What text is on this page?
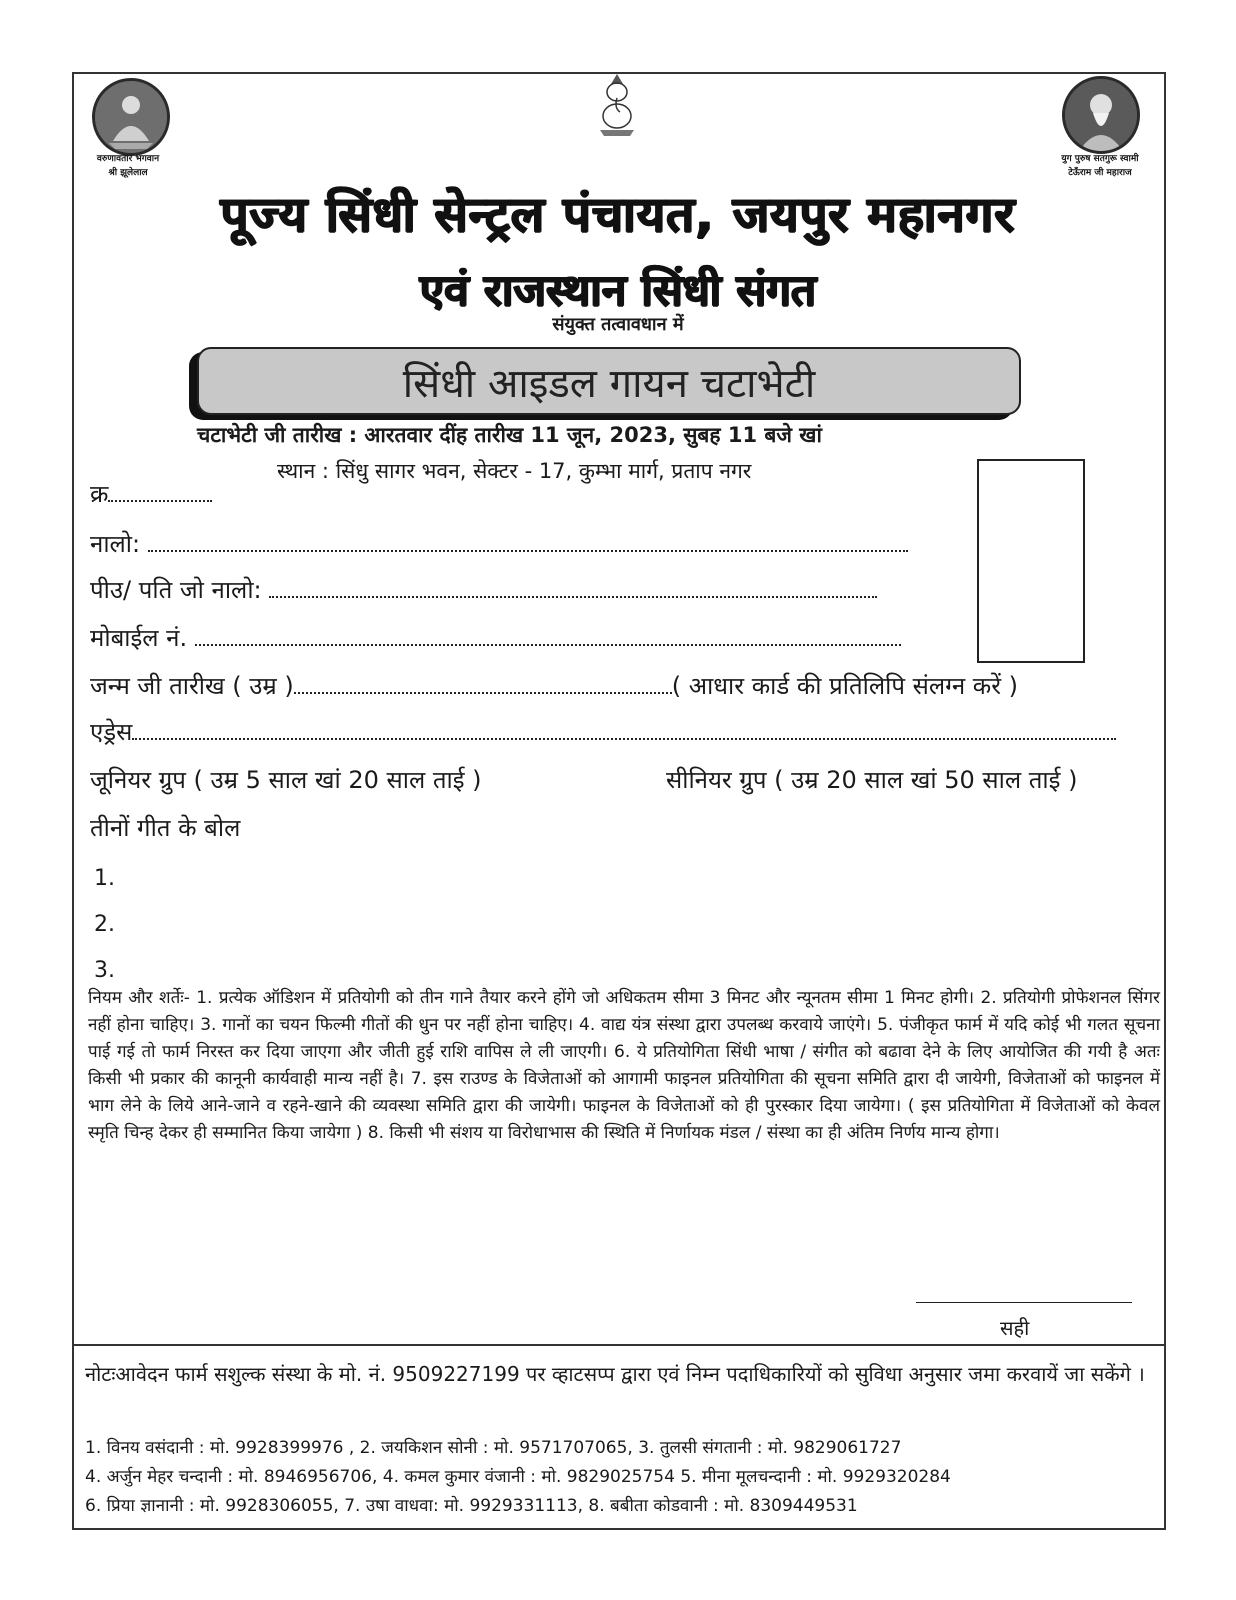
वरुणावतार भगवान
श्री झूलेलाल
युग पुरुष सतगुरू स्वामी
टेऊँराम जी महाराज
पूज्य सिंधी सेन्ट्रल पंचायत, जयपुर महानगर
एवं राजस्थान सिंधी संगत
संयुक्त तत्वावधान में
सिंधी आइडल गायन चटाभेटी
चटाभेटी जी तारीख : आरतवार दींह तारीख 11 जून, 2023, सुबह 11 बजे खां
स्थान : सिंधु सागर भवन, सेक्टर - 17, कुम्भा मार्ग, प्रताप नगर
क्र
नालो:
पीउ/ पति जो नालो:
मोबाईल नं.
जन्म जी तारीख ( उम्र )	( आधार कार्ड की प्रतिलिपि संलग्न करें )
एड्रेस
जूनियर ग्रुप ( उम्र 5 साल खां 20 साल ताई )	सीनियर ग्रुप ( उम्र 20 साल खां 50 साल ताई )
तीनों गीत के बोल
1.
2.
3.
नियम और शर्तेः- 1. प्रत्येक ऑडिशन में प्रतियोगी को तीन गाने तैयार करने होंगे जो अधिकतम सीमा 3 मिनट और न्यूनतम सीमा 1 मिनट होगी। 2. प्रतियोगी प्रोफेशनल सिंगर नहीं होना चाहिए। 3. गानों का चयन फिल्मी गीतों की धुन पर नहीं होना चाहिए। 4. वाद्य यंत्र संस्था द्वारा उपलब्ध करवाये जाएंगे। 5. पंजीकृत फार्म में यदि कोई भी गलत सूचना पाई गई तो फार्म निरस्त कर दिया जाएगा और जीती हुई राशि वापिस ले ली जाएगी। 6. ये प्रतियोगिता सिंधी भाषा / संगीत को बढावा देने के लिए आयोजित की गयी है अतः किसी भी प्रकार की कानूनी कार्यवाही मान्य नहीं है। 7. इस राउण्ड के विजेताओं को आगामी फाइनल प्रतियोगिता की सूचना समिति द्वारा दी जायेगी, विजेताओं को फाइनल में भाग लेने के लिये आने-जाने व रहने-खाने की व्यवस्था समिति द्वारा की जायेगी। फाइनल के विजेताओं को ही पुरस्कार दिया जायेगा। ( इस प्रतियोगिता में विजेताओं को केवल स्मृति चिन्ह देकर ही सम्मानित किया जायेगा ) 8. किसी भी संशय या विरोधाभास की स्थिति में निर्णायक मंडल / संस्था का ही अंतिम निर्णय मान्य होगा।
सही
नोटःआवेदन फार्म सशुल्क संस्था के मो. नं. 9509227199 पर व्हाटसप्प द्वारा एवं निम्न पदाधिकारियों को सुविधा अनुसार जमा करवायें जा सकेंगे ।
1. विनय वसंदानी : मो. 9928399976 , 2. जयकिशन सोनी : मो. 9571707065, 3. तुलसी संगतानी : मो. 9829061727
4. अर्जुन मेहर चन्दानी : मो. 8946956706, 4. कमल कुमार वंजानी : मो. 9829025754 5. मीना मूलचन्दानी : मो. 9929320284
6. प्रिया ज्ञानानी : मो. 9928306055, 7. उषा वाधवा: मो. 9929331113, 8. बबीता कोडवानी : मो. 8309449531
